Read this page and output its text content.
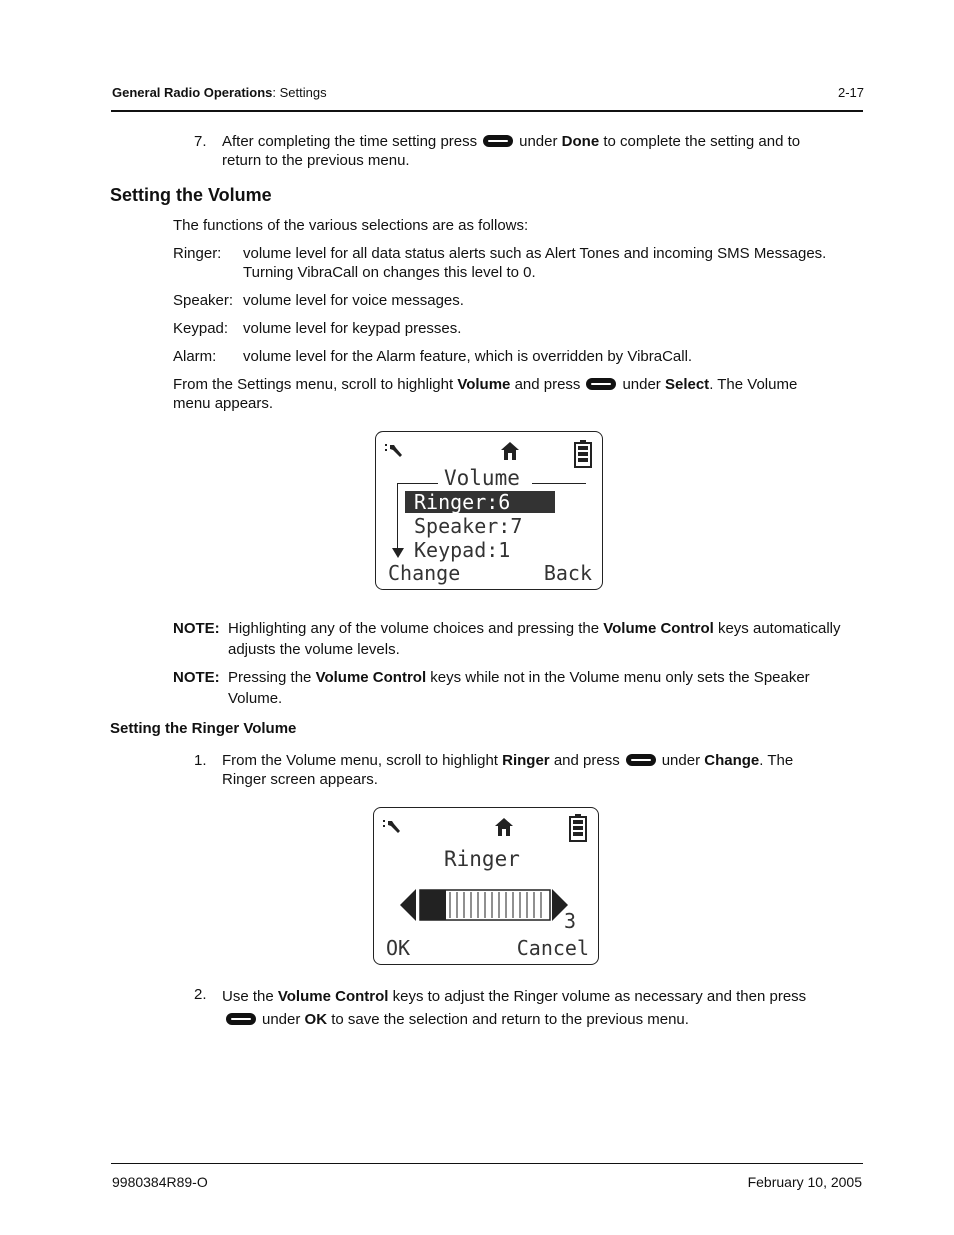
General Radio Operations: Settings	2-17
7. After completing the time setting press	under Done to complete the setting and to
return to the previous menu.
Setting the Volume
The functions of the various selections are as follows:
Ringer: volume level for all data status alerts such as Alert Tones and incoming SMS Messages.
Turning VibraCall on changes this level to 0.
Speaker: volume level for voice messages.
Keypad: volume level for keypad presses.
Alarm: volume level for the Alarm feature, which is overridden by VibraCall.
From the Settings menu, scroll to highlight Volume and press	under Select. The Volume
menu appears.
Volume
Ringer:6
Speaker:7
Keypad:1
Change	Back
NOTE: Highlighting any of the volume choices and pressing the Volume Control keys automatically
adjusts the volume levels.
NOTE: Pressing the Volume Control keys while not in the Volume menu only sets the Speaker
Volume.
Setting the Ringer Volume
1. From the Volume menu, scroll to highlight Ringer and press	under Change. The
Ringer screen appears.
Ringer
3
OK	Cancel
2. Use the Volume Control keys to adjust the Ringer volume as necessary and then press
under OK to save the selection and return to the previous menu.
9980384R89-O	February 10, 2005
